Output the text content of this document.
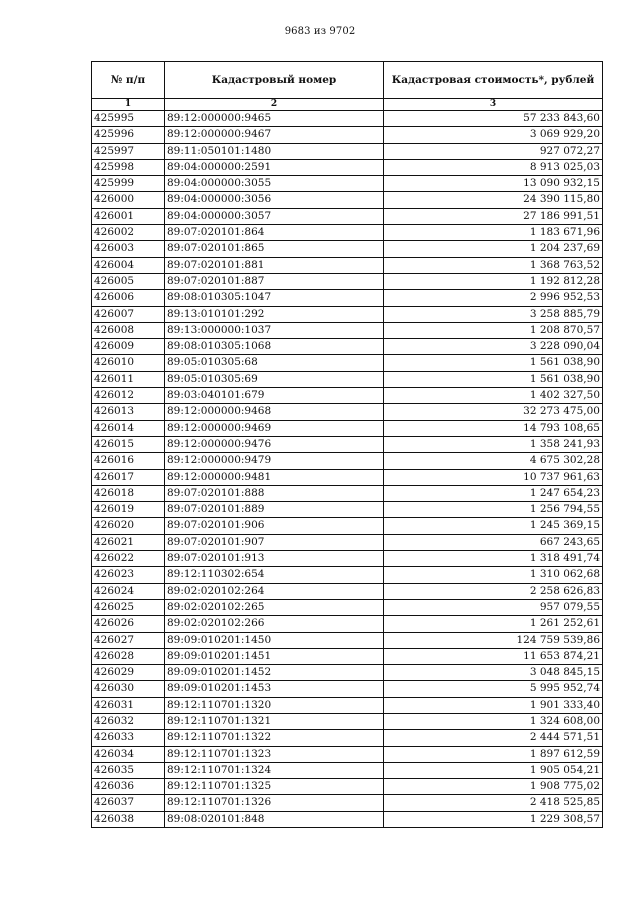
9683 из 9702
№ п/п	Кадастровый номер	Кадастровая стоимость*, рублей
1	2	3
425995	89:12:000000:9465	57 233 843,60
425996	89:12:000000:9467	3 069 929,20
425997	89:11:050101:1480	927 072,27
425998	89:04:000000:2591	8 913 025,03
425999	89:04:000000:3055	13 090 932,15
426000	89:04:000000:3056	24 390 115,80
426001	89:04:000000:3057	27 186 991,51
426002	89:07:020101:864	1 183 671,96
426003	89:07:020101:865	1 204 237,69
426004	89:07:020101:881	1 368 763,52
426005	89:07:020101:887	1 192 812,28
426006	89:08:010305:1047	2 996 952,53
426007	89:13:010101:292	3 258 885,79
426008	89:13:000000:1037	1 208 870,57
426009	89:08:010305:1068	3 228 090,04
426010	89:05:010305:68	1 561 038,90
426011	89:05:010305:69	1 561 038,90
426012	89:03:040101:679	1 402 327,50
426013	89:12:000000:9468	32 273 475,00
426014	89:12:000000:9469	14 793 108,65
426015	89:12:000000:9476	1 358 241,93
426016	89:12:000000:9479	4 675 302,28
426017	89:12:000000:9481	10 737 961,63
426018	89:07:020101:888	1 247 654,23
426019	89:07:020101:889	1 256 794,55
426020	89:07:020101:906	1 245 369,15
426021	89:07:020101:907	667 243,65
426022	89:07:020101:913	1 318 491,74
426023	89:12:110302:654	1 310 062,68
426024	89:02:020102:264	2 258 626,83
426025	89:02:020102:265	957 079,55
426026	89:02:020102:266	1 261 252,61
426027	89:09:010201:1450	124 759 539,86
426028	89:09:010201:1451	11 653 874,21
426029	89:09:010201:1452	3 048 845,15
426030	89:09:010201:1453	5 995 952,74
426031	89:12:110701:1320	1 901 333,40
426032	89:12:110701:1321	1 324 608,00
426033	89:12:110701:1322	2 444 571,51
426034	89:12:110701:1323	1 897 612,59
426035	89:12:110701:1324	1 905 054,21
426036	89:12:110701:1325	1 908 775,02
426037	89:12:110701:1326	2 418 525,85
426038	89:08:020101:848	1 229 308,57
